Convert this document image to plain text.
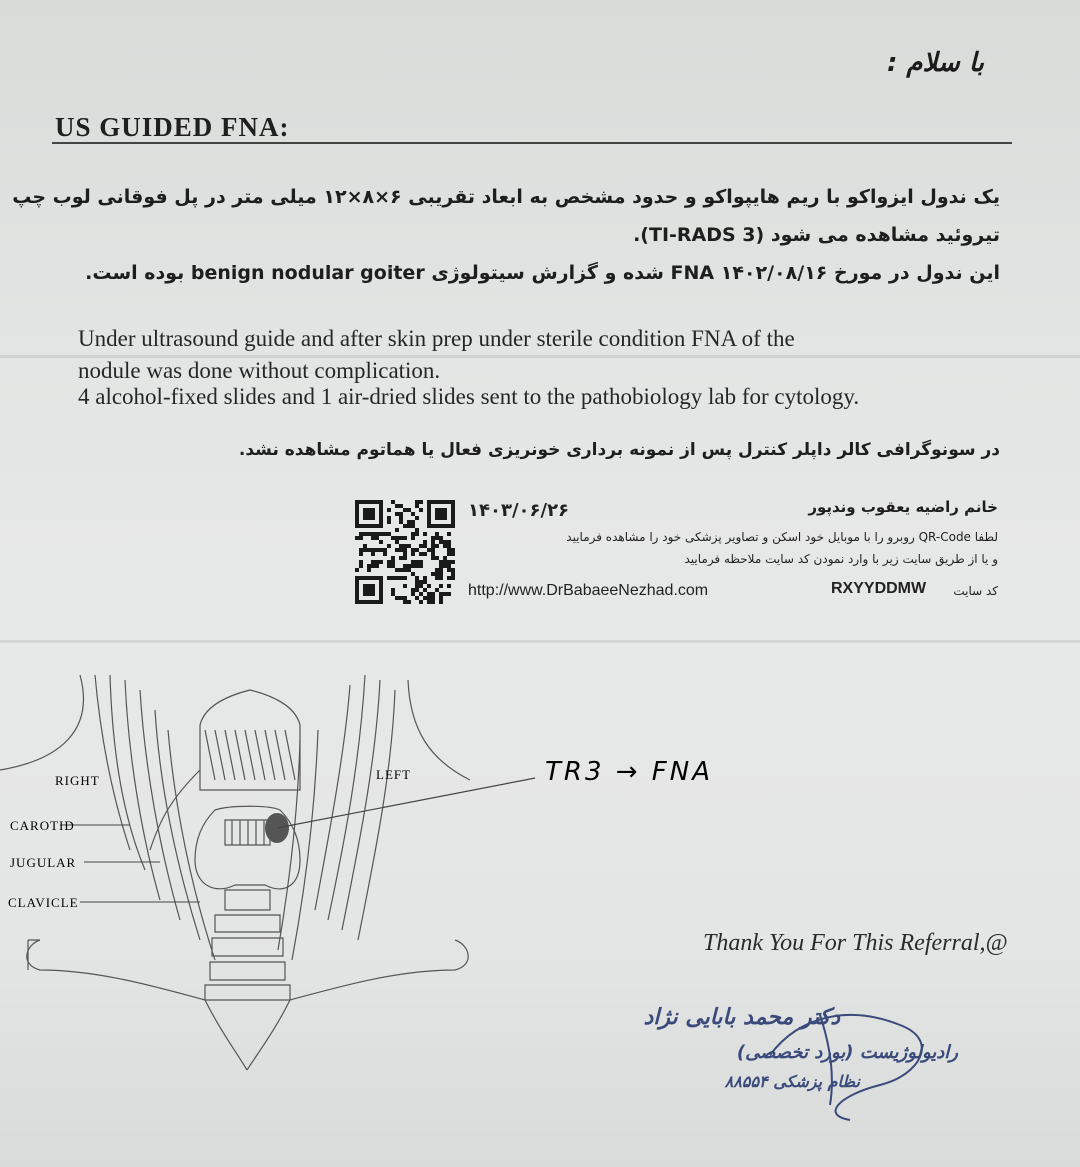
با سلام :
US GUIDED FNA:
یک ندول ایزواکو با ریم هایپواکو و حدود مشخص به ابعاد تقریبی ۶×۸×۱۲ میلی متر در پل فوقانی لوب چپ
تیروئید مشاهده می شود (TI-RADS 3).
این ندول در مورخ ۱۴۰۲/۰۸/۱۶ FNA شده و گزارش سیتولوژی benign nodular goiter بوده است.
Under ultrasound guide and after skin prep under sterile condition FNA of the
nodule was done without complication.
4 alcohol-fixed slides and 1 air-dried slides sent to the pathobiology lab for cytology.
در سونوگرافی کالر داپلر کنترل پس از نمونه برداری خونریزی فعال یا هماتوم مشاهده نشد.
خانم راضیه یعقوب وندپور
۱۴۰۳/۰۶/۲۶
لطفا QR-Code روبرو را با موبایل خود اسکن و تصاویر پزشکی خود را مشاهده فرمایید
و یا از طریق سایت زیر با وارد نمودن کد سایت ملاحظه فرمایید
کد سایت
RXYYDDMW
http://www.DrBabaeeNezhad.com
RIGHT	LEFT
CAROTID
JUGULAR
CLAVICLE
TR3 → FNA
Thank You For This Referral,@
دکتر محمد بابایی نژاد
رادیولوژیست (بورد تخصصی)
نظام پزشکی ۸۸۵۵۴
